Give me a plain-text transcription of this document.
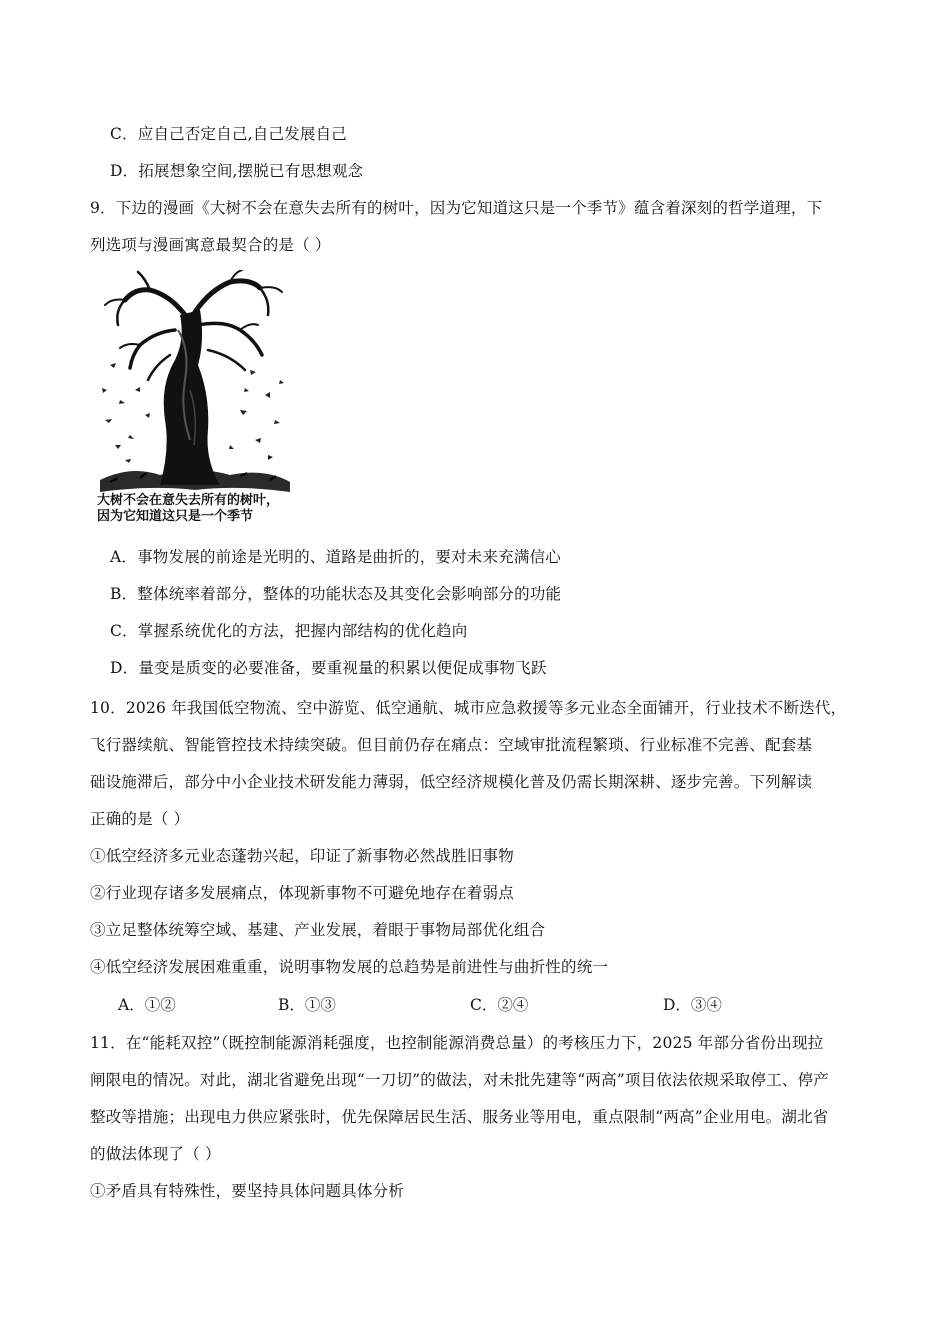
C．应自己否定自己,自己发展自己
D．拓展想象空间,摆脱已有思想观念
9．下边的漫画《大树不会在意失去所有的树叶，因为它知道这只是一个季节》蕴含着深刻的哲学道理，下
列选项与漫画寓意最契合的是（ ）
大树不会在意失去所有的树叶，
因为它知道这只是一个季节
A．事物发展的前途是光明的、道路是曲折的，要对未来充满信心
B．整体统率着部分，整体的功能状态及其变化会影响部分的功能
C．掌握系统优化的方法，把握内部结构的优化趋向
D．量变是质变的必要准备，要重视量的积累以便促成事物飞跃
10．2026 年我国低空物流、空中游览、低空通航、城市应急救援等多元业态全面铺开，行业技术不断迭代，
飞行器续航、智能管控技术持续突破。但目前仍存在痛点：空域审批流程繁琐、行业标准不完善、配套基
础设施滞后，部分中小企业技术研发能力薄弱，低空经济规模化普及仍需长期深耕、逐步完善。下列解读
正确的是（ ）
①低空经济多元业态蓬勃兴起，印证了新事物必然战胜旧事物
②行业现存诸多发展痛点，体现新事物不可避免地存在着弱点
③立足整体统筹空域、基建、产业发展，着眼于事物局部优化组合
④低空经济发展困难重重，说明事物发展的总趋势是前进性与曲折性的统一
A．①②	B．①③	C．②④	D．③④
11．在“能耗双控”（既控制能源消耗强度，也控制能源消费总量）的考核压力下，2025 年部分省份出现拉
闸限电的情况。对此，湖北省避免出现“一刀切”的做法，对未批先建等“两高”项目依法依规采取停工、停产
整改等措施；出现电力供应紧张时，优先保障居民生活、服务业等用电，重点限制“两高”企业用电。湖北省
的做法体现了（ ）
①矛盾具有特殊性，要坚持具体问题具体分析
